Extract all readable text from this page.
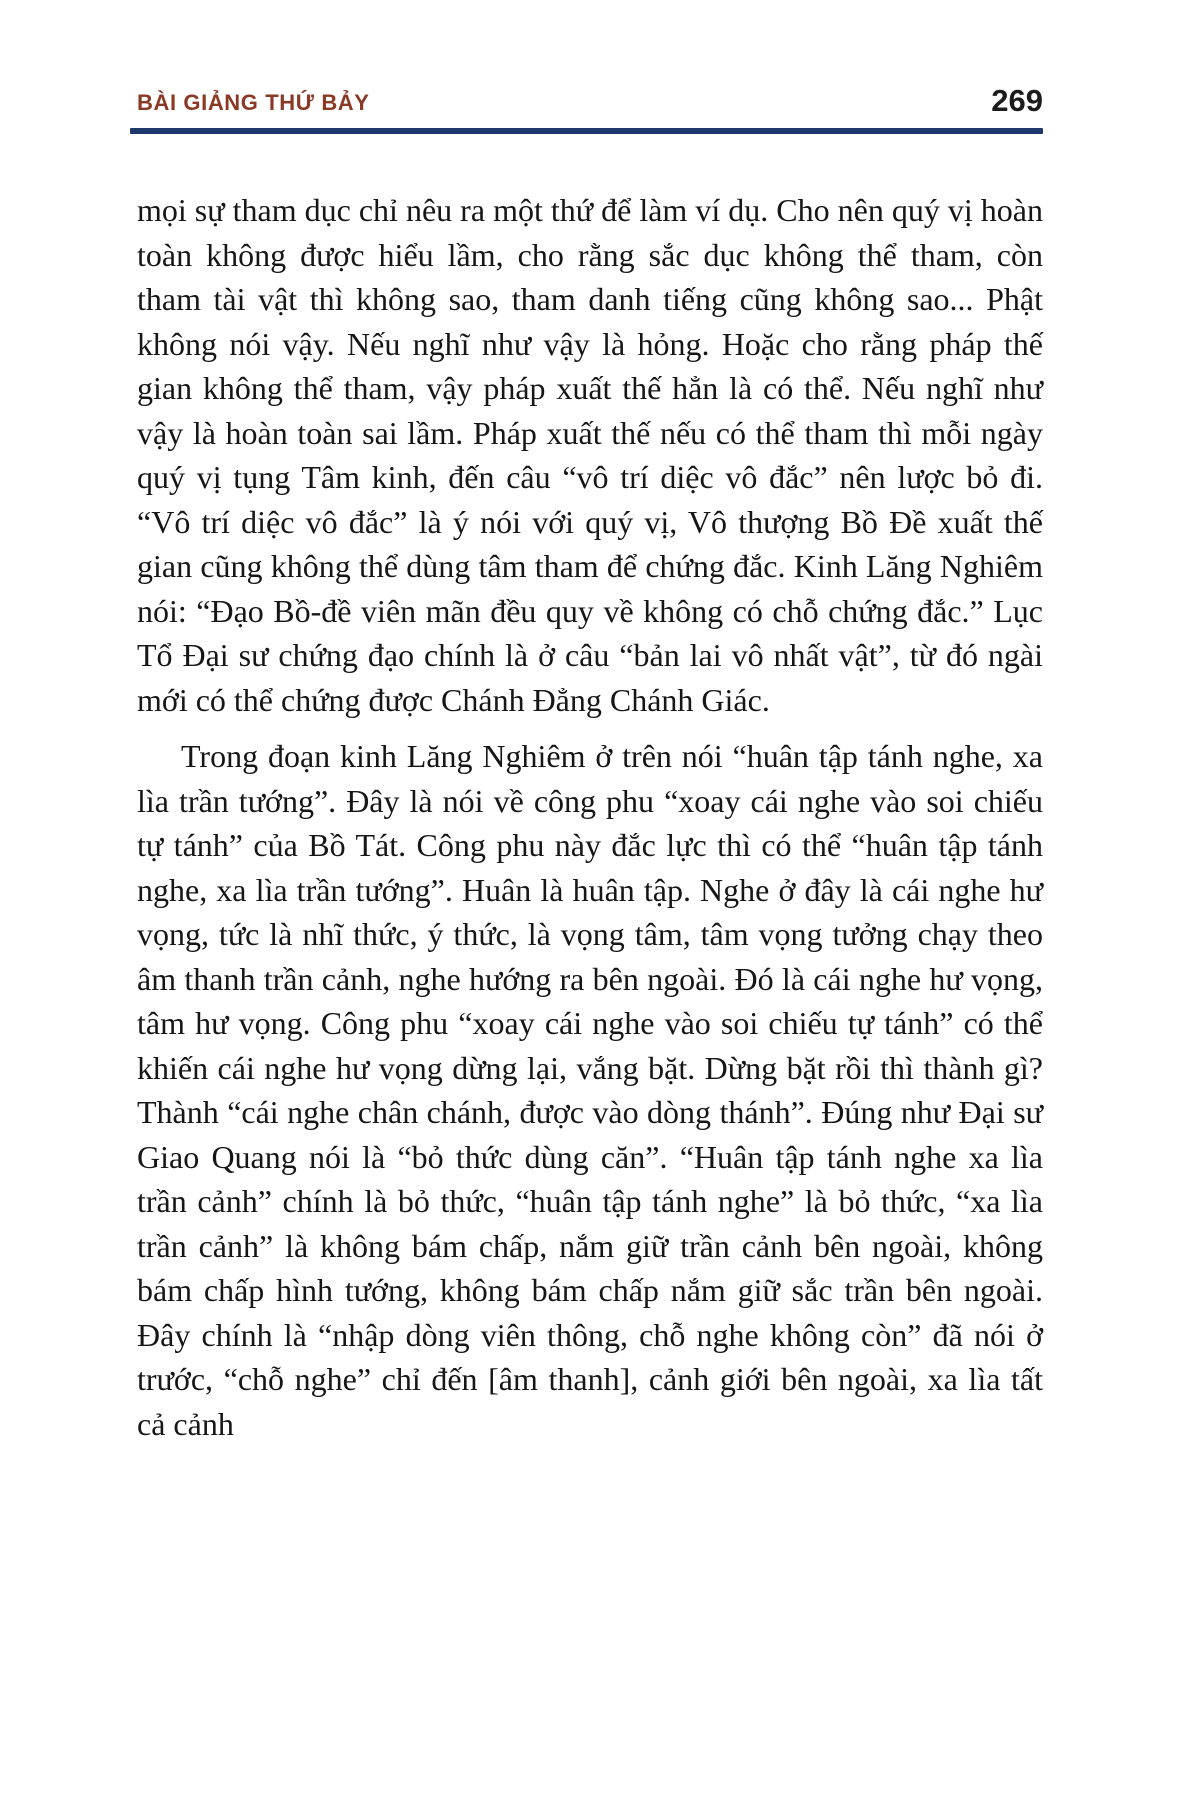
BÀI GIẢNG THỨ BẢY	269

mọi sự tham dục chỉ nêu ra một thứ để làm ví dụ. Cho nên quý vị hoàn toàn không được hiểu lầm, cho rằng sắc dục không thể tham, còn tham tài vật thì không sao, tham danh tiếng cũng không sao... Phật không nói vậy. Nếu nghĩ như vậy là hỏng. Hoặc cho rằng pháp thế gian không thể tham, vậy pháp xuất thế hẳn là có thể. Nếu nghĩ như vậy là hoàn toàn sai lầm. Pháp xuất thế nếu có thể tham thì mỗi ngày quý vị tụng Tâm kinh, đến câu “vô trí diệc vô đắc” nên lược bỏ đi. “Vô trí diệc vô đắc” là ý nói với quý vị, Vô thượng Bồ Đề xuất thế gian cũng không thể dùng tâm tham để chứng đắc. Kinh Lăng Nghiêm nói: “Đạo Bồ-đề viên mãn đều quy về không có chỗ chứng đắc.” Lục Tổ Đại sư chứng đạo chính là ở câu “bản lai vô nhất vật”, từ đó ngài mới có thể chứng được Chánh Đẳng Chánh Giác.

Trong đoạn kinh Lăng Nghiêm ở trên nói “huân tập tánh nghe, xa lìa trần tướng”. Đây là nói về công phu “xoay cái nghe vào soi chiếu tự tánh” của Bồ Tát. Công phu này đắc lực thì có thể “huân tập tánh nghe, xa lìa trần tướng”. Huân là huân tập. Nghe ở đây là cái nghe hư vọng, tức là nhĩ thức, ý thức, là vọng tâm, tâm vọng tưởng chạy theo âm thanh trần cảnh, nghe hướng ra bên ngoài. Đó là cái nghe hư vọng, tâm hư vọng. Công phu “xoay cái nghe vào soi chiếu tự tánh” có thể khiến cái nghe hư vọng dừng lại, vắng bặt. Dừng bặt rồi thì thành gì? Thành “cái nghe chân chánh, được vào dòng thánh”. Đúng như Đại sư Giao Quang nói là “bỏ thức dùng căn”. “Huân tập tánh nghe xa lìa trần cảnh” chính là bỏ thức, “huân tập tánh nghe” là bỏ thức, “xa lìa trần cảnh” là không bám chấp, nắm giữ trần cảnh bên ngoài, không bám chấp hình tướng, không bám chấp nắm giữ sắc trần bên ngoài. Đây chính là “nhập dòng viên thông, chỗ nghe không còn” đã nói ở trước, “chỗ nghe” chỉ đến [âm thanh], cảnh giới bên ngoài, xa lìa tất cả cảnh
